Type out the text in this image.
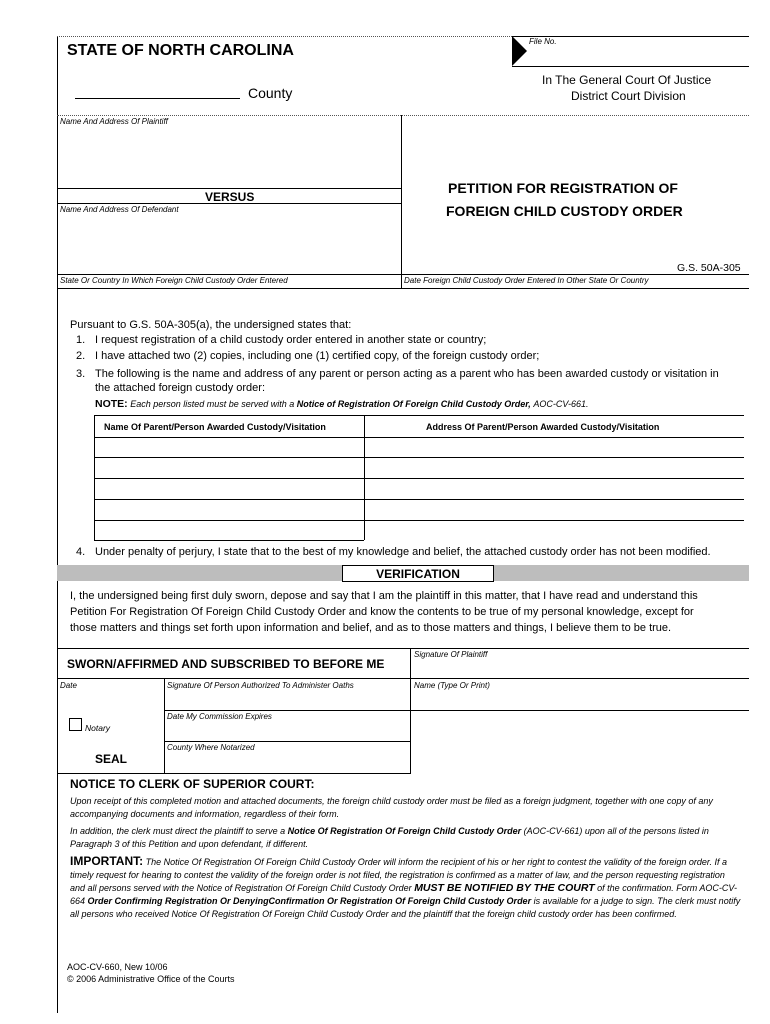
STATE OF NORTH CAROLINA
File No.
County
In The General Court Of Justice
District Court Division
Name And Address Of Plaintiff
VERSUS
Name And Address Of Defendant
PETITION FOR REGISTRATION OF
FOREIGN CHILD CUSTODY ORDER
G.S. 50A-305
State Or Country In Which Foreign Child Custody Order Entered	Date Foreign Child Custody Order Entered In Other State Or Country
Pursuant to G.S. 50A-305(a), the undersigned states that:
1. I request registration of a child custody order entered in another state or country;
2. I have attached two (2) copies, including one (1) certified copy, of the foreign custody order;
3. The following is the name and address of any parent or person acting as a parent who has been awarded custody or visitation in
the attached foreign custody order:
NOTE: Each person listed must be served with a Notice of Registration Of Foreign Child Custody Order, AOC-CV-661.
Name Of Parent/Person Awarded Custody/Visitation	Address Of Parent/Person Awarded Custody/Visitation
4. Under penalty of perjury, I state that to the best of my knowledge and belief, the attached custody order has not been modified.
VERIFICATION
I, the undersigned being first duly sworn, depose and say that I am the plaintiff in this matter, that I have read and understand this
Petition For Registration Of Foreign Child Custody Order and know the contents to be true of my personal knowledge, except for
those matters and things set forth upon information and belief, and as to those matters and things, I believe them to be true.
SWORN/AFFIRMED AND SUBSCRIBED TO BEFORE ME
Signature Of Plaintiff
Date	Signature Of Person Authorized To Administer Oaths	Name (Type Or Print)
Date My Commission Expires
Notary
County Where Notarized
SEAL
NOTICE TO CLERK OF SUPERIOR COURT:
Upon receipt of this completed motion and attached documents, the foreign child custody order must be filed as a foreign judgment, together with one copy of any accompanying documents and information, regardless of their form.
In addition, the clerk must direct the plaintiff to serve a Notice Of Registration Of Foreign Child Custody Order (AOC-CV-661) upon all of the persons listed in Paragraph 3 of this Petition and upon defendant, if different.
IMPORTANT: The Notice Of Registration Of Foreign Child Custody Order will inform the recipient of his or her right to contest the validity of the foreign order. If a timely request for hearing to contest the validity of the foreign order is not filed, the registration is confirmed as a matter of law, and the person requesting registration and all persons served with the Notice of Registration Of Foreign Child Custody Order MUST BE NOTIFIED BY THE COURT of the confirmation. Form AOC-CV-664 Order Confirming Registration Or DenyingConfirmation Or Registration Of Foreign Child Custody Order is available for a judge to sign. The clerk must notify all persons who received Notice Of Registration Of Foreign Child Custody Order and the plaintiff that the foreign child custody order has been confirmed.
AOC-CV-660, New 10/06
© 2006 Administrative Office of the Courts
